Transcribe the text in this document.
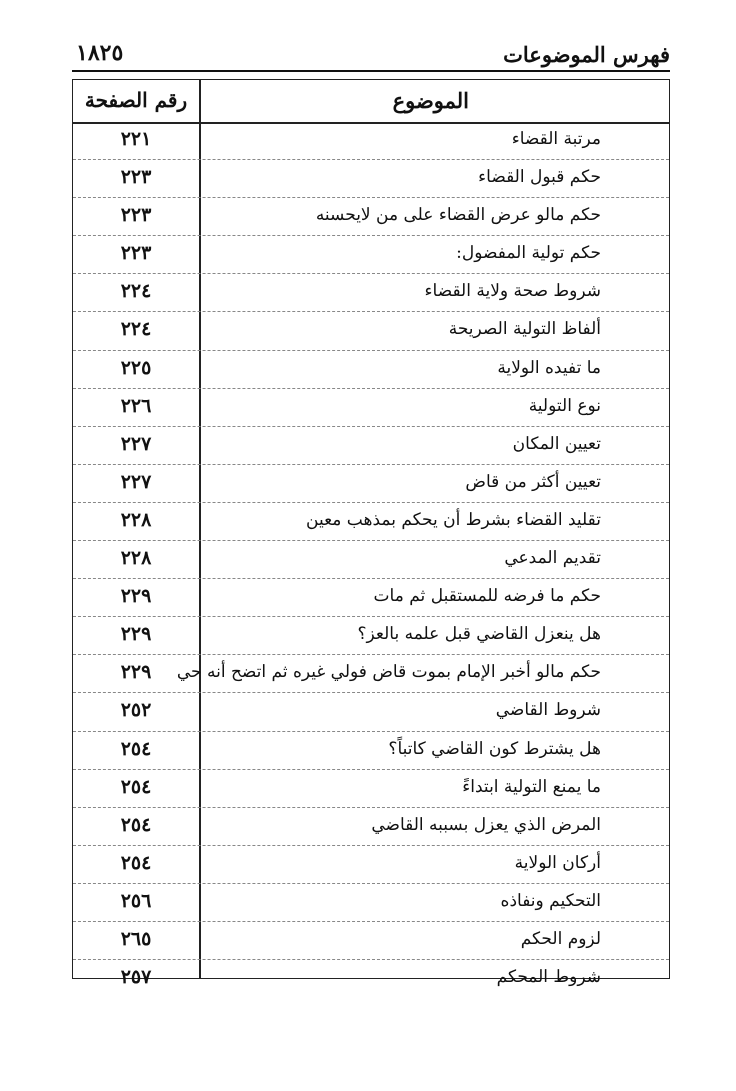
فهرس الموضوعات
١٨٢٥
الموضوع
رقم الصفحة
مرتبة القضاء
٢٢١
حكم قبول القضاء
٢٢٣
حكم مالو عرض القضاء على من لايحسنه
٢٢٣
حكم تولية المفضول:
٢٢٣
شروط صحة ولاية القضاء
٢٢٤
ألفاظ التولية الصريحة
٢٢٤
ما تفيده الولاية
٢٢٥
نوع التولية
٢٢٦
تعيين المكان
٢٢٧
تعيين أكثر من قاض
٢٢٧
تقليد القضاء بشرط أن يحكم بمذهب معين
٢٢٨
تقديم المدعي
٢٢٨
حكم ما فرضه للمستقبل ثم مات
٢٢٩
هل ينعزل القاضي قبل علمه بالعز؟
٢٢٩
حكم مالو أخبر الإمام بموت قاض فولي غيره ثم اتضح أنه حي
٢٢٩
شروط القاضي
٢٥٢
هل يشترط كون القاضي كاتباً؟
٢٥٤
ما يمنع التولية ابتداءً
٢٥٤
المرض الذي يعزل بسببه القاضي
٢٥٤
أركان الولاية
٢٥٤
التحكيم ونفاذه
٢٥٦
لزوم الحكم
٢٦٥
شروط المحكم
٢٥٧
